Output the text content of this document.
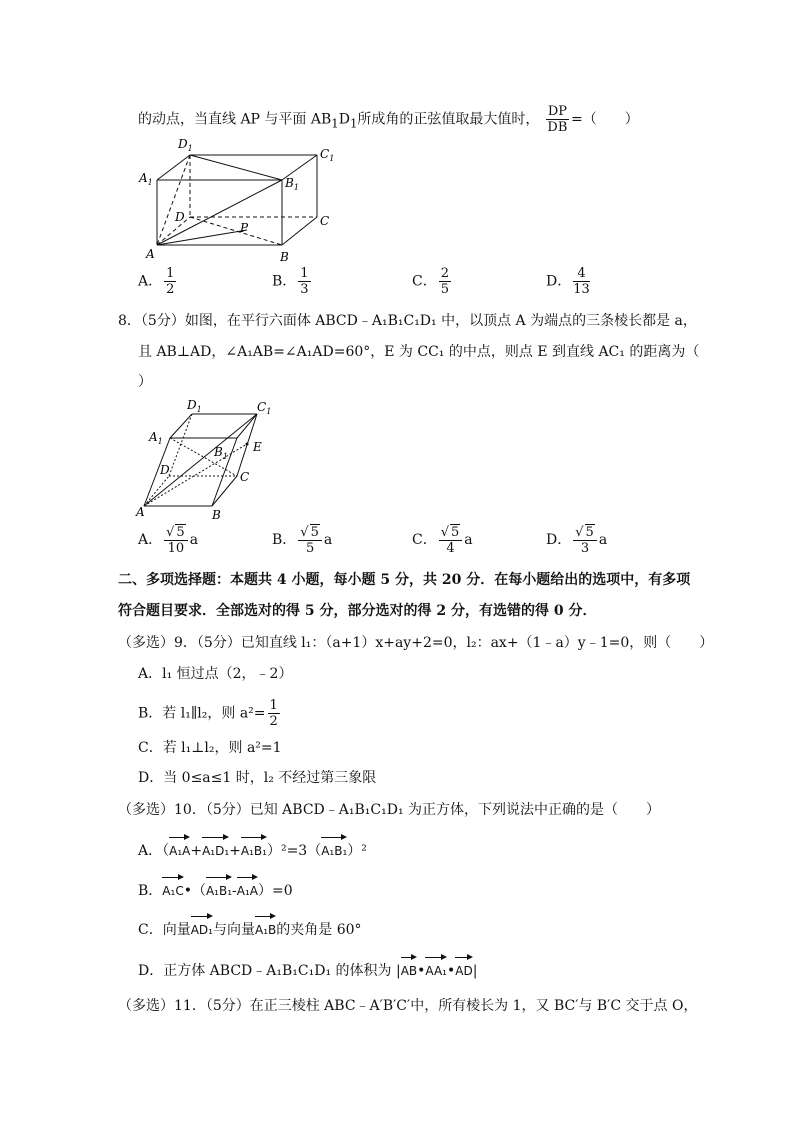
的动点，当直线 AP 与平面 $AB_1D_1$所成角的正弦值取最大值时， $\frac{DP}{DB}$ =（　　）
$D_1$	$C_1$
$A_1$	$B_1$
D	C
P
A	B
A． $\frac{1}{2}$	B． $\frac{1}{3}$	C． $\frac{2}{5}$	D． $\frac{4}{13}$
8．（5分）如图，在平行六面体 ABCD﹣A₁B₁C₁D₁ 中，以顶点 A 为端点的三条棱长都是 a，
且 AB⊥AD，∠A₁AB=∠A₁AD=60°，E 为 CC₁ 的中点，则点 E 到直线 AC₁ 的距离为（
）
$D_1$	$C_1$
$A_1$
$B_1$
E
D	C
A	B
A． $\frac{√ 5}{10}$ a	B． $\frac{√ 5}{5}$ a	C． $\frac{√ 5}{4}$ a	D． $\frac{√ 5}{3}$ a
二、多项选择题：本题共 4 小题，每小题 5 分，共 20 分．在每小题给出的选项中，有多项
符合题目要求．全部选对的得 5 分，部分选对的得 2 分，有选错的得 0 分．
（多选）9．（5分）已知直线 l₁：（a+1）x+ay+2=0，l₂：ax+（1﹣a）y﹣1=0，则（　　）
A．l₁ 恒过点（2，﹣2）
B．若 l₁∥l₂，则 $a^2= \frac{1}{2}$
C．若 l₁⊥l₂，则 a²=1
D．当 0≤a≤1 时，l₂ 不经过第三象限
（多选）10．（5分）已知 ABCD﹣A₁B₁C₁D₁ 为正方体，下列说法中正确的是（　　）
A．（A₁A+A₁D₁+A₁B₁）²=3（A₁B₁）²
B．A₁C•（A₁B₁-A₁A）=0
C．向量AD₁与向量A₁B的夹角是 60°
D．正方体 ABCD﹣A₁B₁C₁D₁ 的体积为 |AB•AA₁•AD|
（多选）11．（5分）在正三棱柱 ABC﹣A′B′C′中，所有棱长为 1，又 BC′与 B′C 交于点 O，
